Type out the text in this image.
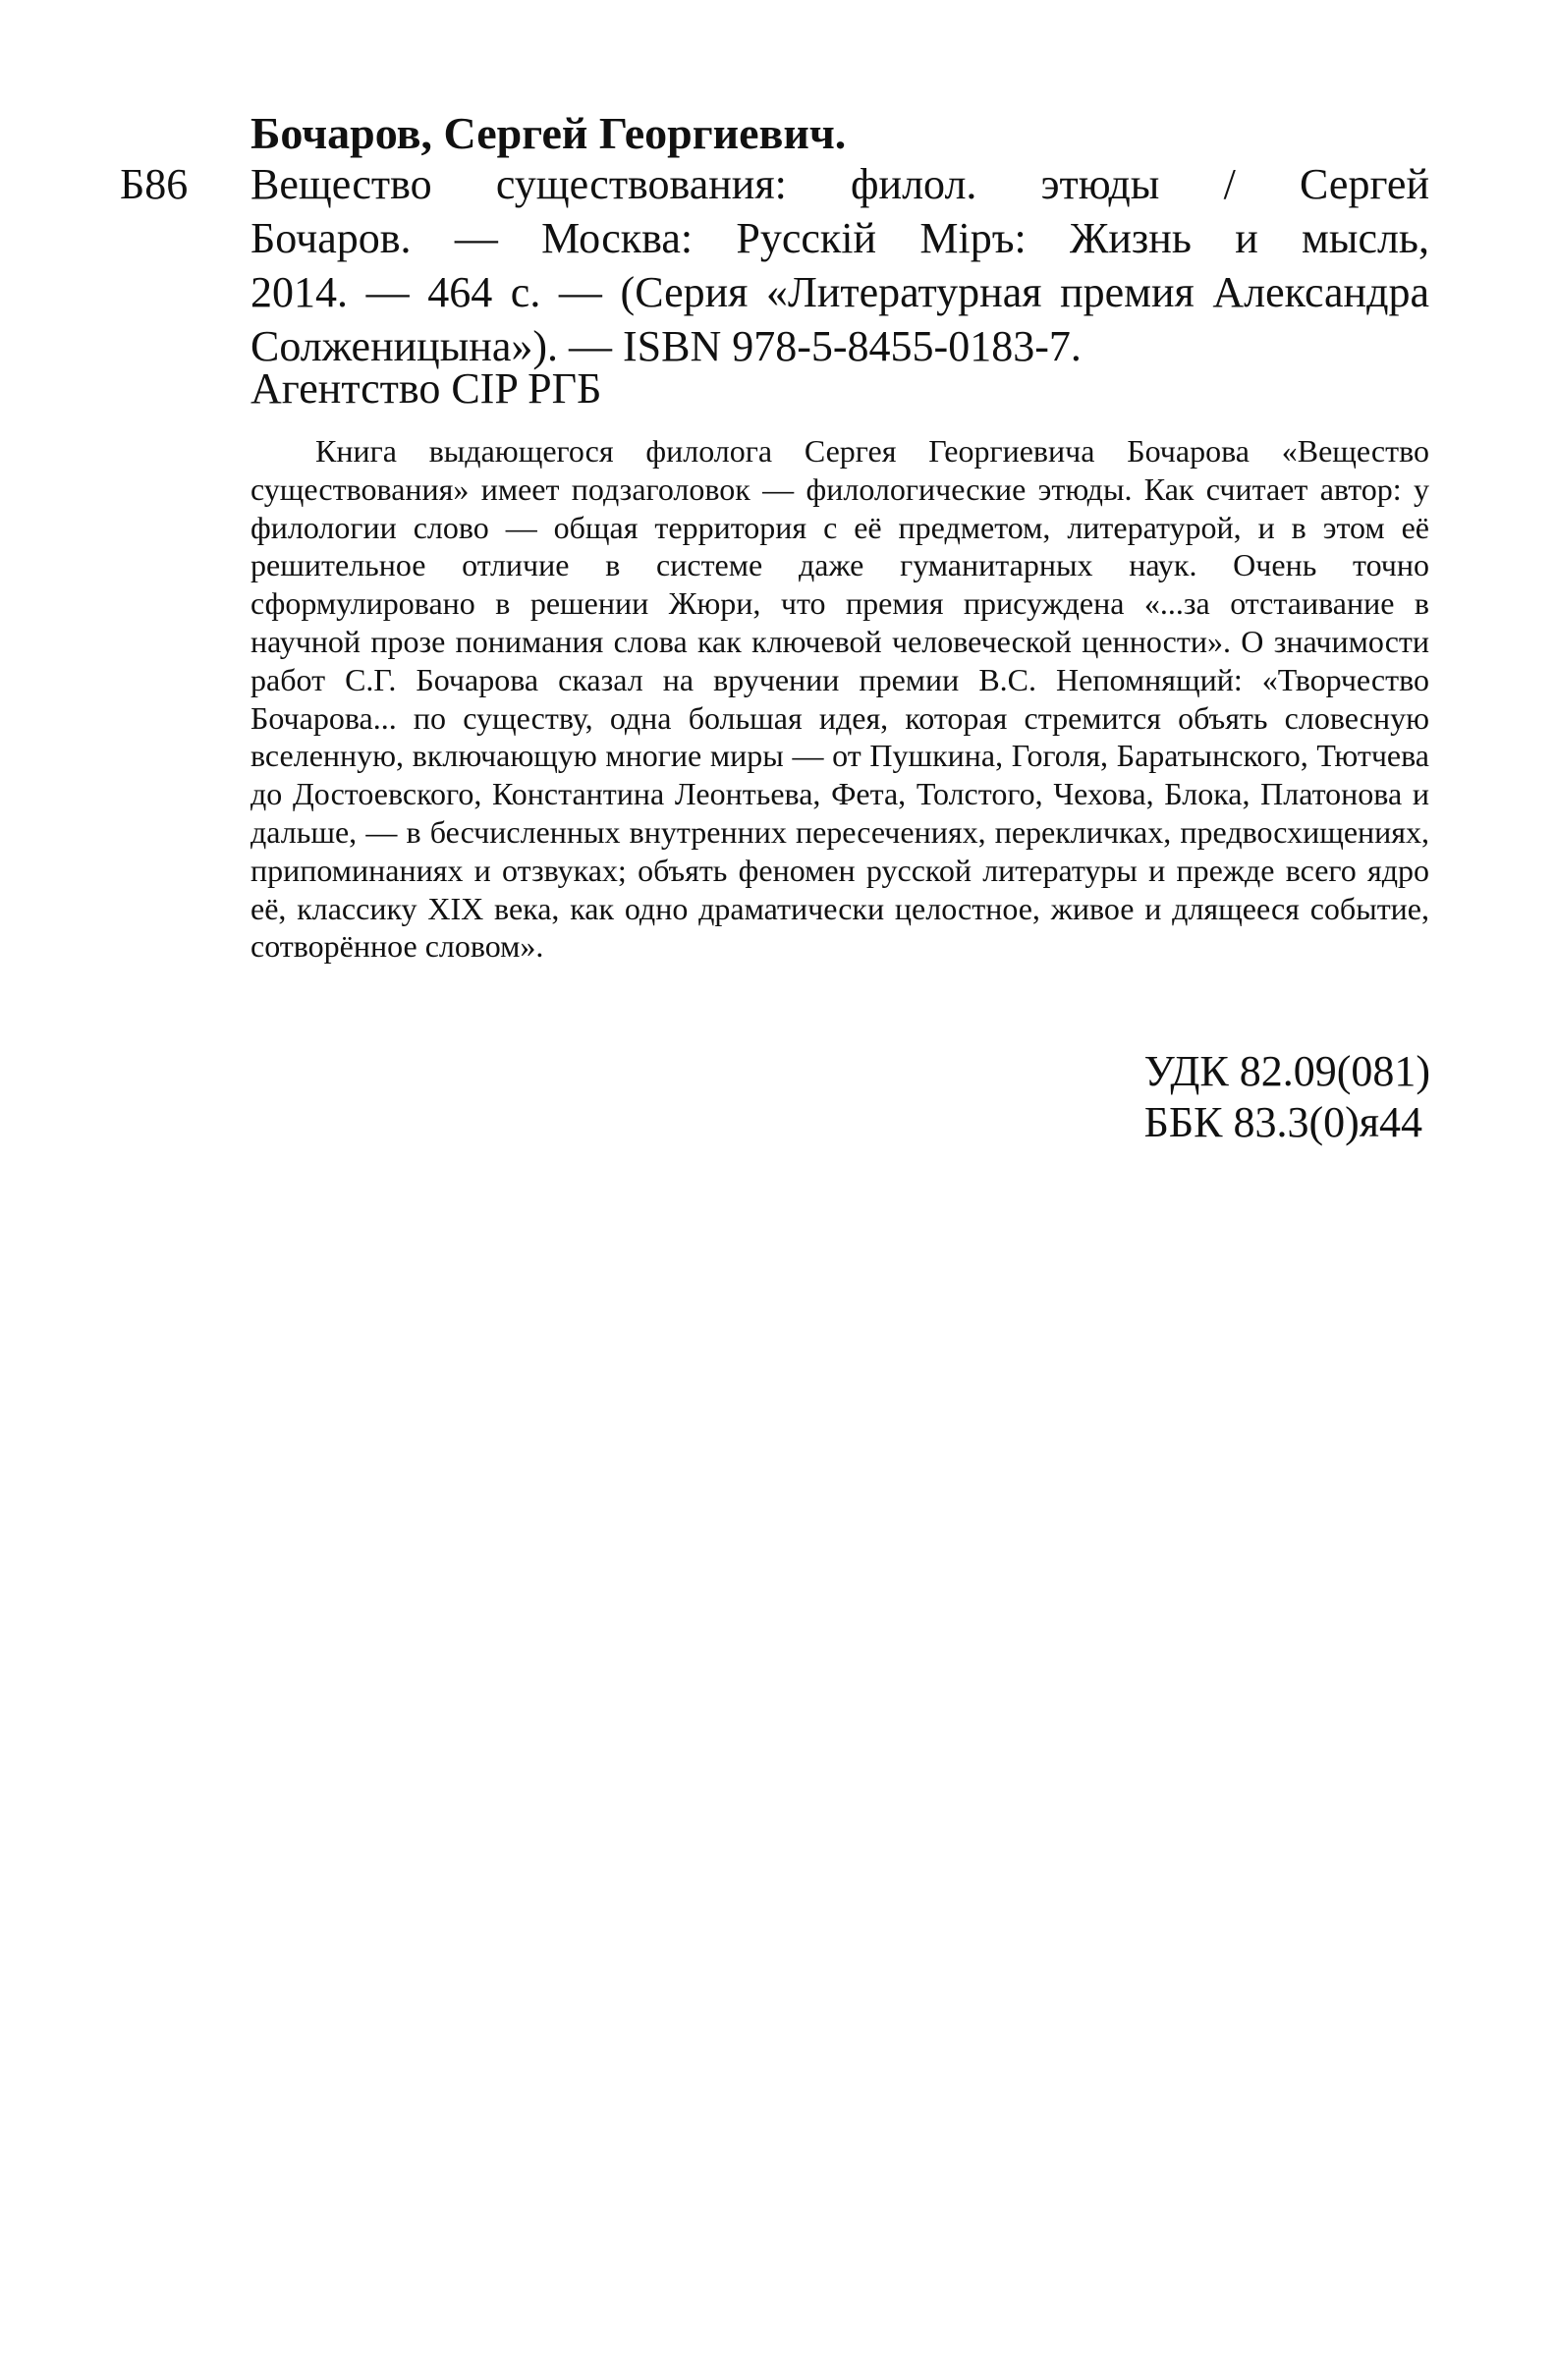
Бочаров, Сергей Георгиевич.
Б86 Вещество существования: филол. этюды / Сергей
Бочаров. — Москва: Русскiй Мiръ: Жизнь и мысль,
2014. — 464 с. — (Серия «Литературная премия Александра
Солженицына»). — ISBN 978-5-8455-0183-7.
Агентство CIP РГБ
Книга выдающегося филолога Сергея Георгиевича Бочарова «Вещество существования» имеет подзаголовок — филологические этюды. Как считает автор: у филологии слово — общая территория с её предметом, литературой, и в этом её решительное отличие в системе даже гуманитарных наук. Очень точно сформулировано в решении Жюри, что премия присуждена «...за отстаивание в научной прозе понимания слова как ключевой человеческой ценности». О значимости работ С.Г. Бочарова сказал на вручении премии В.С. Непомнящий: «Творчество Бочарова... по существу, одна большая идея, которая стремится объять словесную вселенную, включающую многие миры — от Пушкина, Гоголя, Баратынского, Тютчева до Достоевского, Константина Леонтьева, Фета, Толстого, Чехова, Блока, Платонова и дальше, — в бесчисленных внутренних пересечениях, перекличках, предвосхищениях, припоминаниях и отзвуках; объять феномен русской литературы и прежде всего ядро её, классику XIX века, как одно драматически целостное, живое и длящееся событие, сотворённое словом».
УДК 82.09(081)
ББК 83.3(0)я44
